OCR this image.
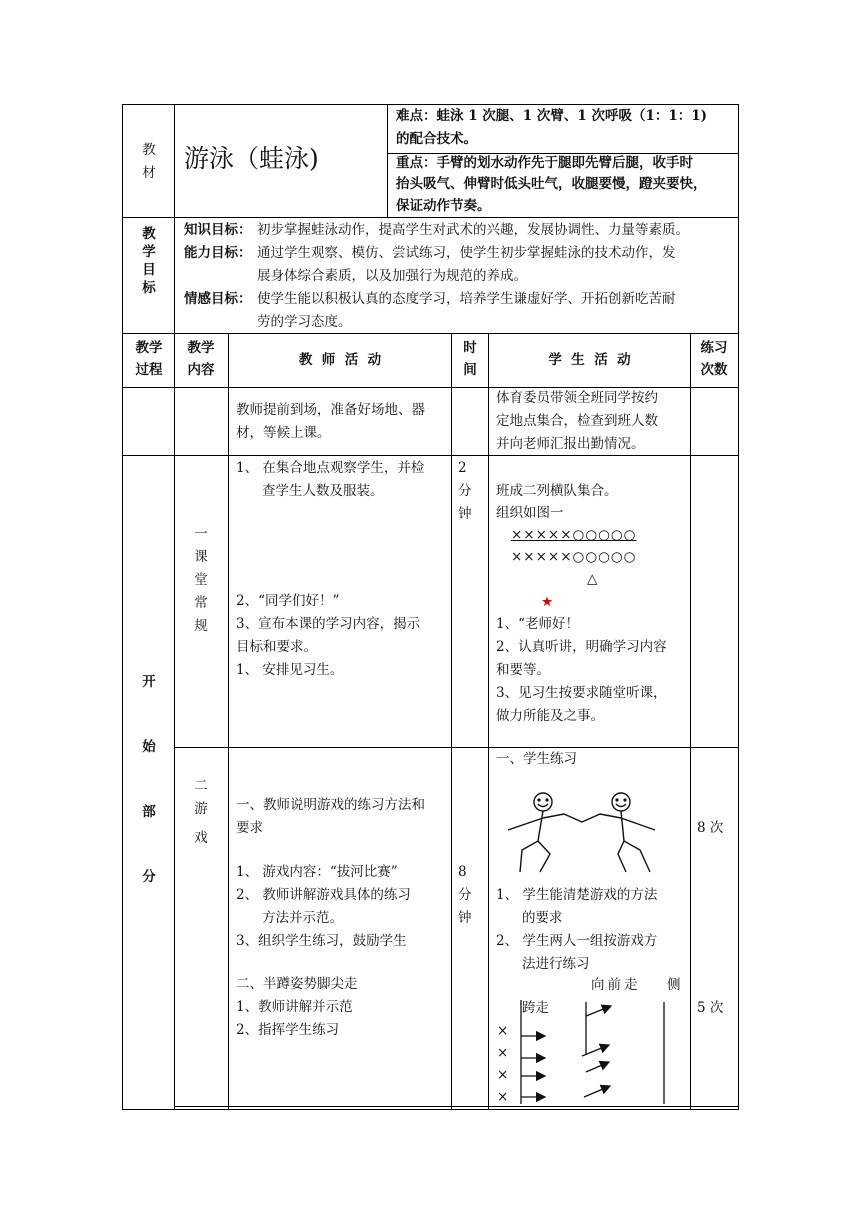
教
材 游泳（蛙泳)
难点：蛙泳 1 次腿、1 次臂、1 次呼吸（1：1：1)
的配合技术。
重点：手臂的划水动作先于腿即先臂后腿，收手时
抬头吸气、伸臂时低头吐气，收腿要慢，蹬夹要快，
保证动作节奏。
教
学
目
标
知识目标： 初步掌握蛙泳动作，提高学生对武术的兴趣，发展协调性、力量等素质。
能力目标： 通过学生观察、模仿、尝试练习，使学生初步掌握蛙泳的技术动作，发
展身体综合素质，以及加强行为规范的养成。
情感目标： 使学生能以积极认真的态度学习，培养学生谦虚好学、开拓创新吃苦耐
劳的学习态度。
教学
过程
教学
内容
教  师  活  动
时
间
学  生  活  动
练习
次数
教师提前到场，准备好场地、器
材，等候上课。
体育委员带领全班同学按约
定地点集合，检查到班人数
并向老师汇报出勤情况。
开
始
部
分
一
课
堂
常
规
1、 在集合地点观察学生，并检
查学生人数及服装。
2、“同学们好！”
3、宣布本课的学习内容，揭示
目标和要求。
1、 安排见习生。
2
分
钟
班成二列横队集合。
组织如图一
×××××○○○○○
×××××○○○○○
△
★
1、“老师好！
2、认真听讲，明确学习内容
和要等。
3、见习生按要求随堂听课，
做力所能及之事。
二
游
戏
一、教师说明游戏的练习方法和
要求
1、 游戏内容：“拔河比赛”
2、 教师讲解游戏具体的练习
方法并示范。
3、组织学生练习，鼓励学生
二、半蹲姿势脚尖走
1、教师讲解并示范
2、指挥学生练习
8
分
钟
一、学生练习
1、 学生能清楚游戏的方法
的要求
2、 学生两人一组按游戏方
法进行练习
向前走 侧
跨走
×
×
×
×
8 次
5 次
